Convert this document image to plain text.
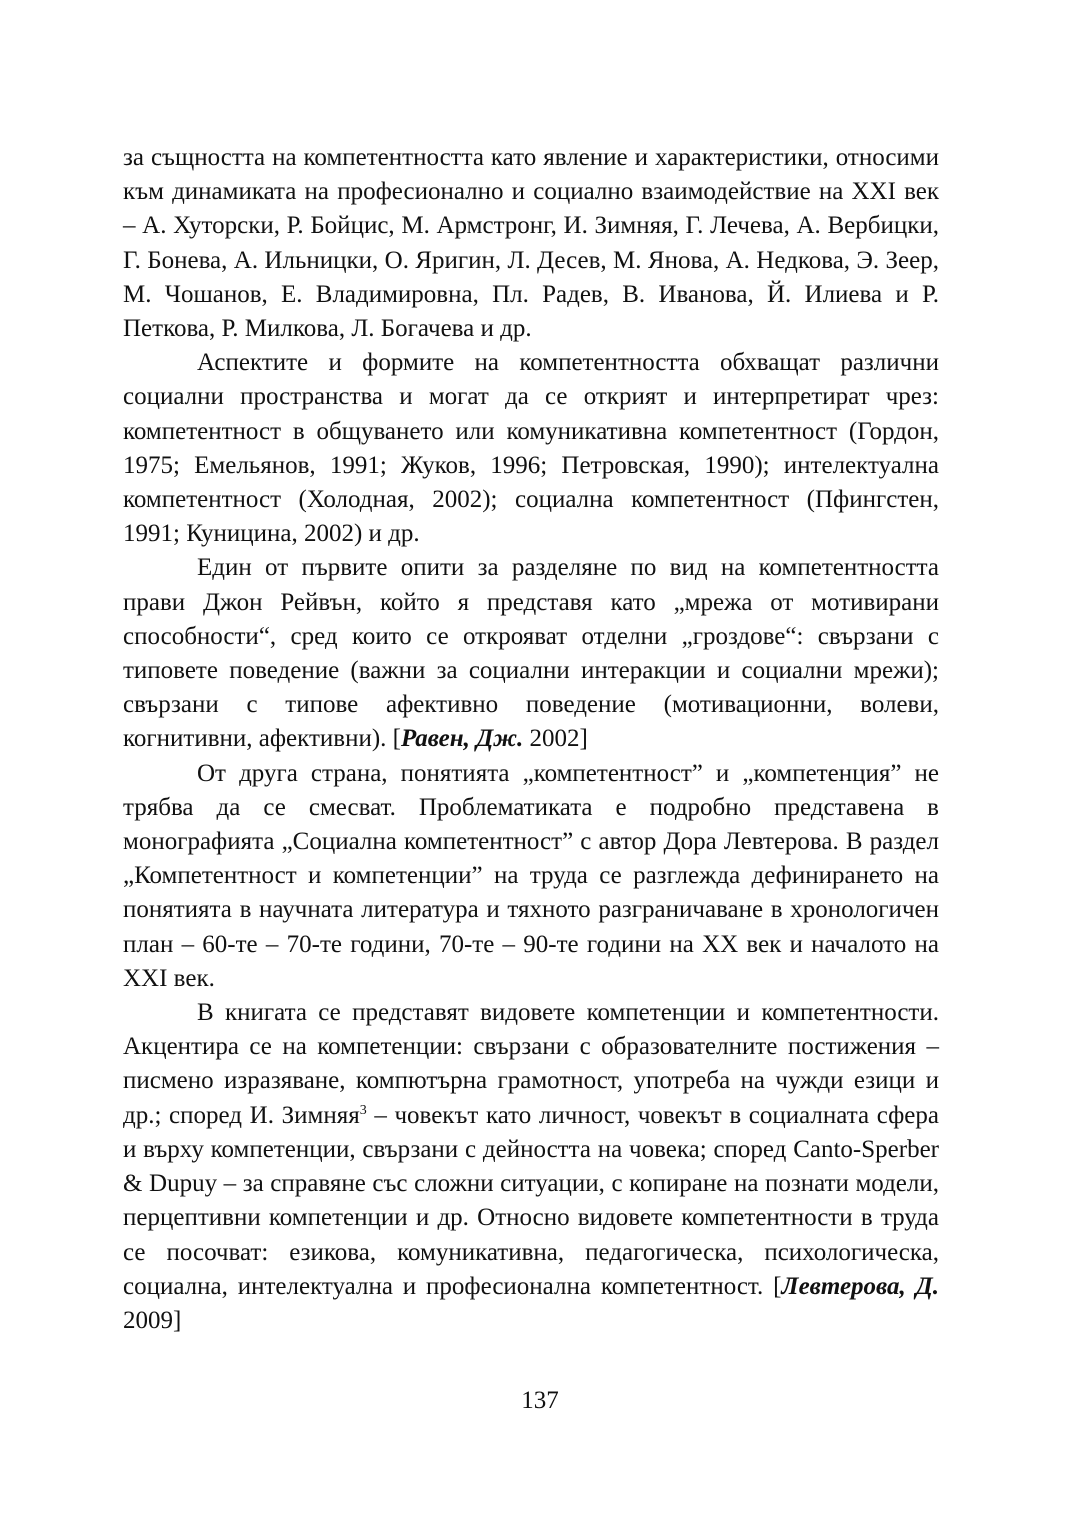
за същността на компетентността като явление и характеристики, относими към динамиката на професионално и социално взаимодействие на XXI век – А. Хуторски, Р. Бойцис, М. Армстронг, И. Зимняя, Г. Лечева, А. Вербицки, Г. Бонева, А. Ильницки, О. Яригин, Л. Десев, М. Янова, А. Недкова, Э. Зеер, М. Чошанов, Е. Владимировна, Пл. Радев, В. Иванова, Й. Илиева и Р. Петкова, Р. Милкова, Л. Богачева и др.

Аспектите и формите на компетентността обхващат различни социални пространства и могат да се открият и интерпретират чрез: компетентност в общуването или комуникативна компетентност (Гордон, 1975; Емельянов, 1991; Жуков, 1996; Петровская, 1990); интелектуална компетентност (Холодная, 2002); социална компетентност (Пфингстен, 1991; Куницина, 2002) и др.

Един от първите опити за разделяне по вид на компетентността прави Джон Рейвън, който я представя като „мрежа от мотивирани способности“, сред които се открояват отделни „гроздове“: свързани с типовете поведение (важни за социални интеракции и социални мрежи); свързани с типове афективно поведение (мотивационни, волеви, когнитивни, афективни). [Равен, Дж. 2002]

От друга страна, понятията „компетентност” и „компетенция” не трябва да се смесват. Проблематиката е подробно представена в монографията „Социална компетентност” с автор Дора Левтерова. В раздел „Компетентност и компетенции” на труда се разглежда дефинирането на понятията в научната литература и тяхното разграничаване в хронологичен план – 60-те – 70-те години, 70-те – 90-те години на XX век и началото на XXI век.

В книгата се представят видовете компетенции и компетентности. Акцентира се на компетенции: свързани с образователните постижения – писмено изразяване, компютърна грамотност, употреба на чужди езици и др.; според И. Зимняя$^3$ – човекът като личност, човекът в социалната сфера и върху компетенции, свързани с дейността на човека; според Canto-Sperber & Dupuy – за справяне със сложни ситуации, с копиране на познати модели, перцептивни компетенции и др. Относно видовете компетентности в труда се посочват: езикова, комуникативна, педагогическа, психологическа, социална, интелектуална и професионална компетентност. [Левтерова, Д. 2009]

137
